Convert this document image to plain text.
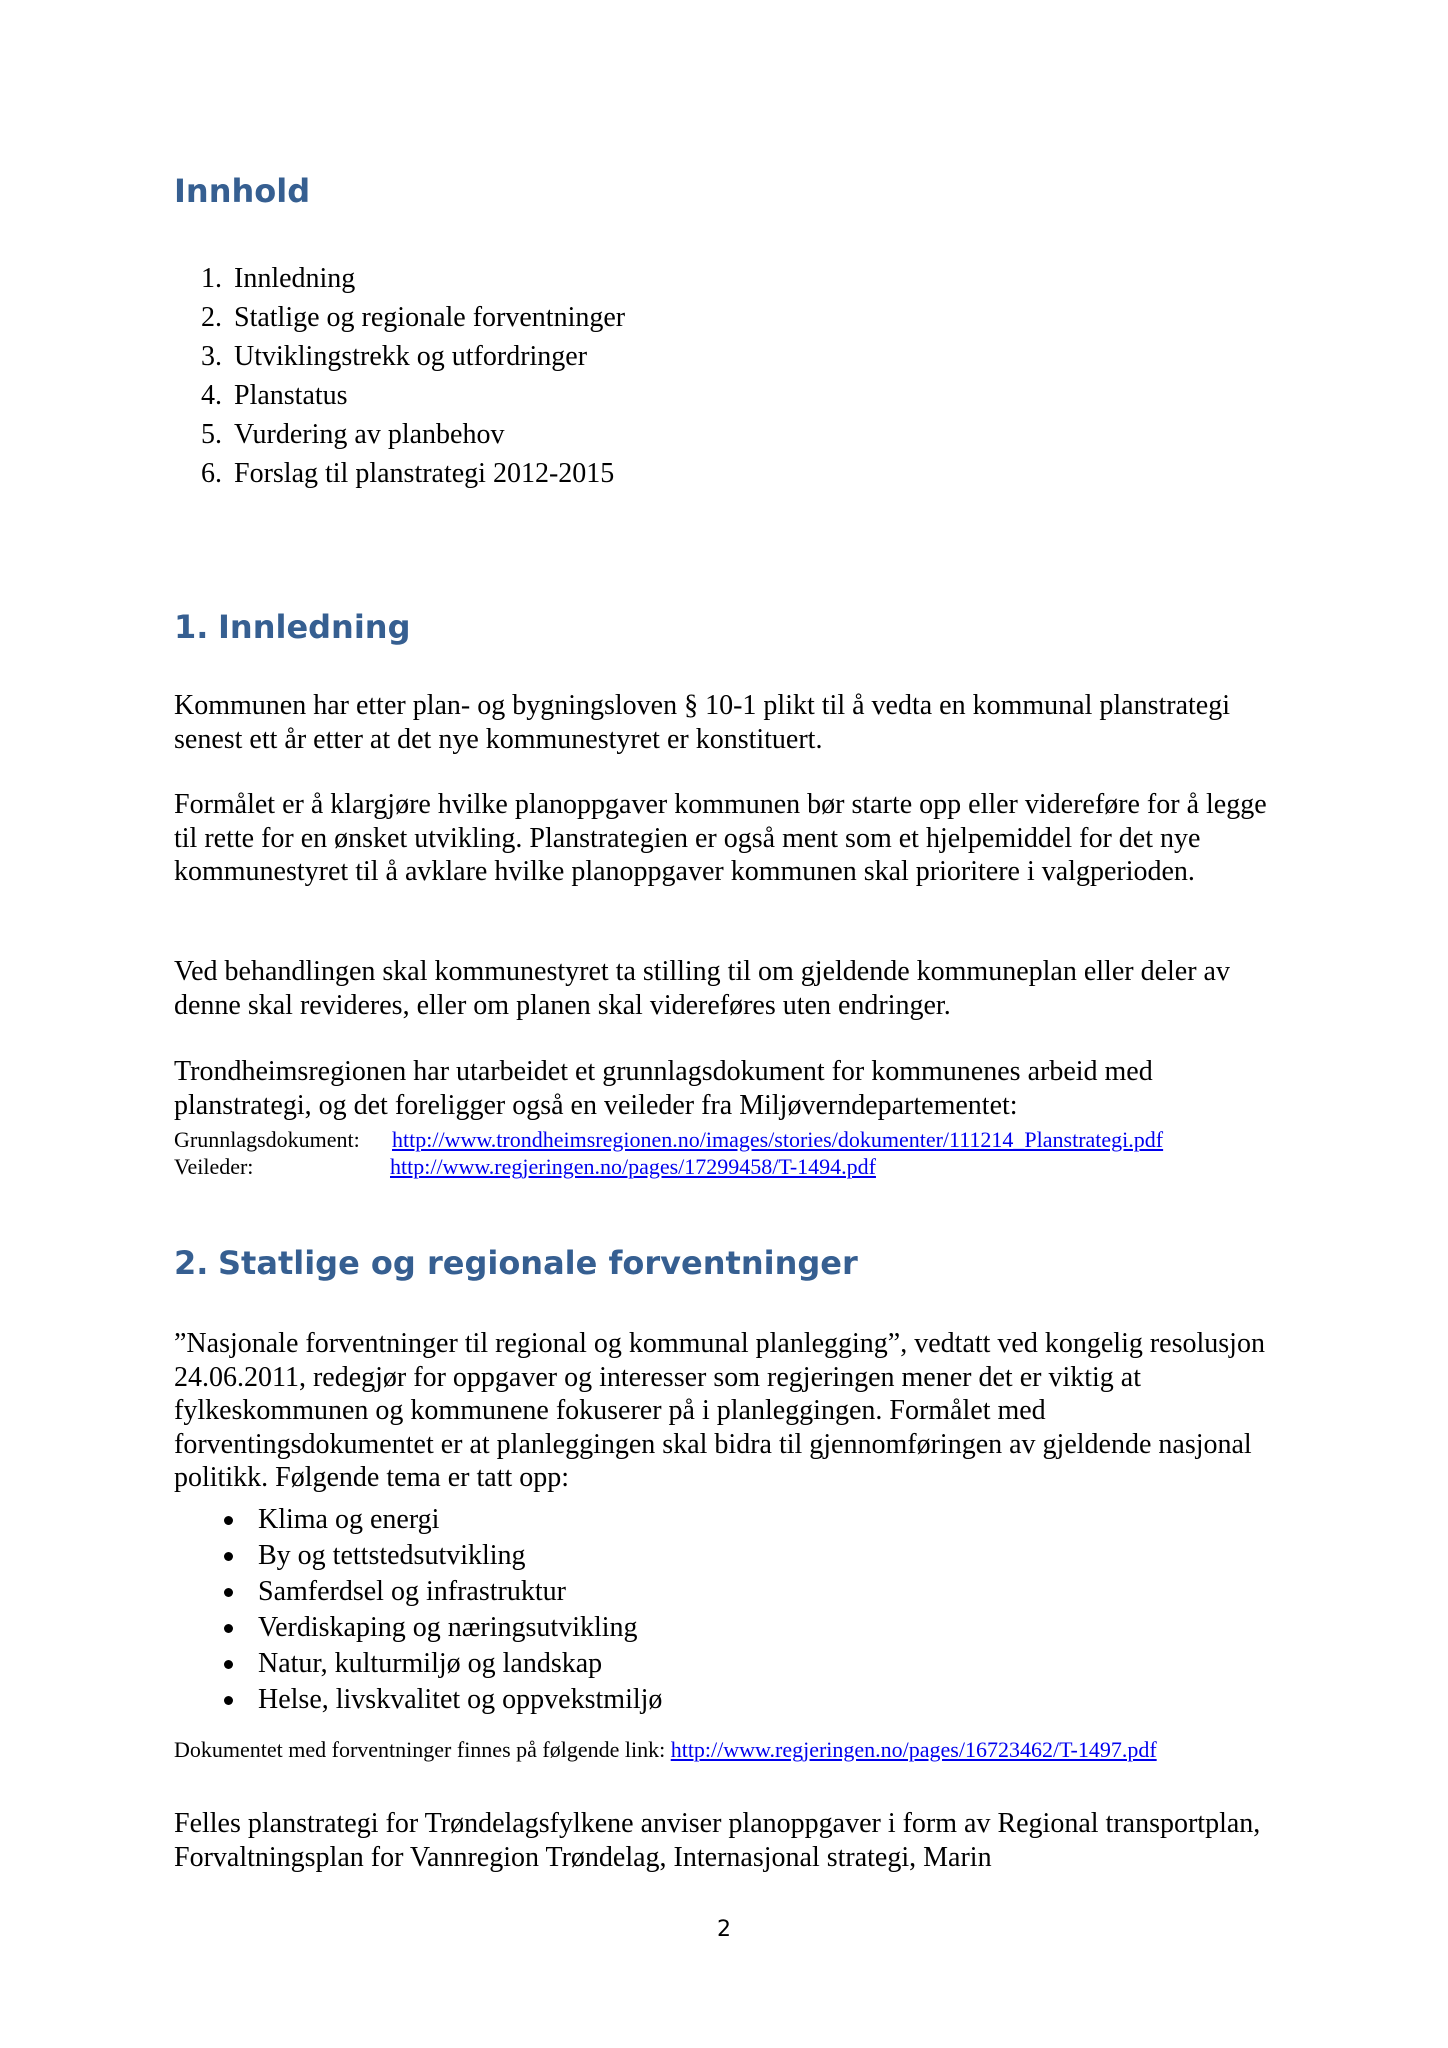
Innhold
1. Innledning
2. Statlige og regionale forventninger
3. Utviklingstrekk og utfordringer
4. Planstatus
5. Vurdering av planbehov
6. Forslag til planstrategi 2012-2015
1. Innledning

Kommunen har etter plan- og bygningsloven § 10-1 plikt til å vedta en kommunal planstrategi senest ett år etter at det nye kommunestyret er konstituert.

Formålet er å klargjøre hvilke planoppgaver kommunen bør starte opp eller videreføre for å legge til rette for en ønsket utvikling. Planstrategien er også ment som et hjelpemiddel for det nye kommunestyret til å avklare hvilke planoppgaver kommunen skal prioritere i valgperioden.

Ved behandlingen skal kommunestyret ta stilling til om gjeldende kommuneplan eller deler av denne skal revideres, eller om planen skal videreføres uten endringer.

Trondheimsregionen har utarbeidet et grunnlagsdokument for kommunenes arbeid med planstrategi, og det foreligger også en veileder fra Miljøverndepartementet:

Grunnlagsdokument: http://www.trondheimsregionen.no/images/stories/dokumenter/111214_Planstrategi.pdf

Veileder:	http://www.regjeringen.no/pages/17299458/T-1494.pdf

2. Statlige og regionale forventninger

”Nasjonale forventninger til regional og kommunal planlegging”, vedtatt ved kongelig resolusjon 24.06.2011, redegjør for oppgaver og interesser som regjeringen mener det er viktig at fylkeskommunen og kommunene fokuserer på i planleggingen. Formålet med forventingsdokumentet er at planleggingen skal bidra til gjennomføringen av gjeldende nasjonal politikk. Følgende tema er tatt opp:

Klima og energi
By og tettstedsutvikling
Samferdsel og infrastruktur
Verdiskaping og næringsutvikling
Natur, kulturmiljø og landskap
Helse, livskvalitet og oppvekstmiljø

Dokumentet med forventninger finnes på følgende link: http://www.regjeringen.no/pages/16723462/T-1497.pdf

Felles planstrategi for Trøndelagsfylkene anviser planoppgaver i form av Regional transportplan, Forvaltningsplan for Vannregion Trøndelag, Internasjonal strategi, Marin

2
